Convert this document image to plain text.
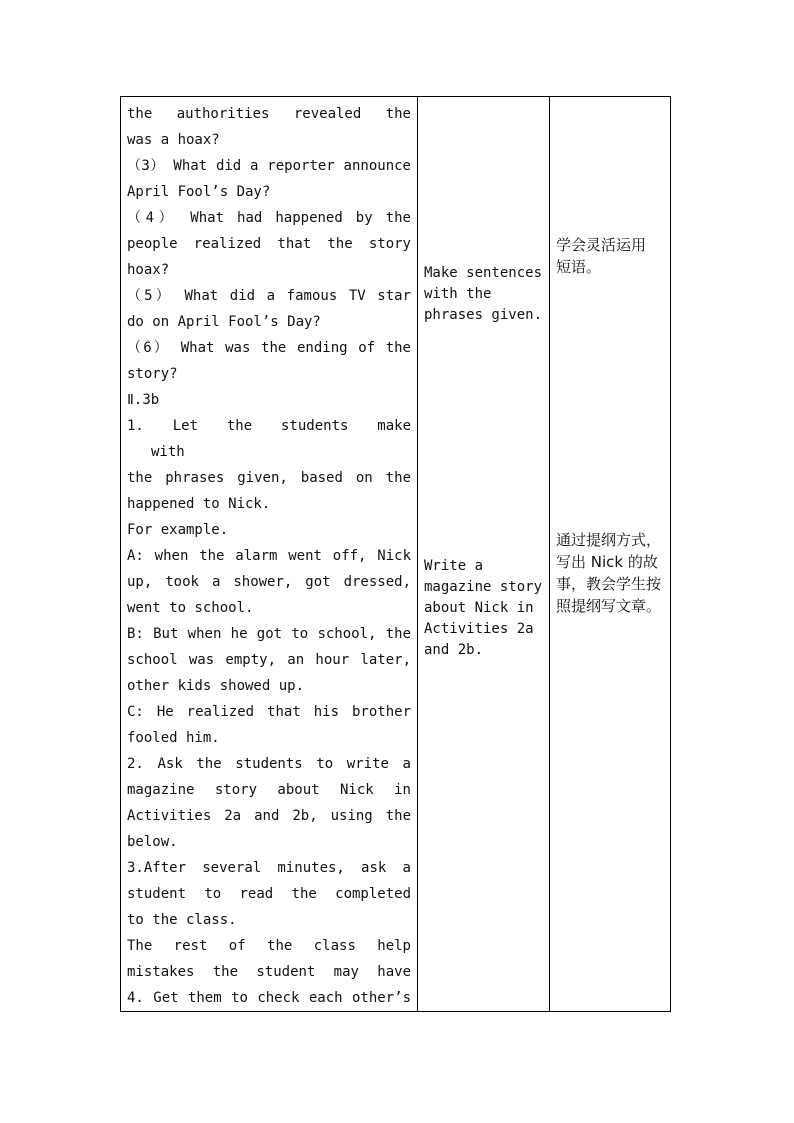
the authorities revealed the
was a hoax?
（3） What did a reporter announce
April Fool’s Day?
（4） What had happened by the
people realized that the story
hoax?
（5） What did a famous TV star
do on April Fool’s Day?
（6） What was the ending of the
story?
Ⅱ.3b
1. Let the students make
with
the phrases given, based on the
happened to Nick.
For example.
A: when the alarm went off, Nick
up, took a shower, got dressed,
went to school.
B: But when he got to school, the
school was empty, an hour later,
other kids showed up.
C: He realized that his brother
fooled him.
2. Ask the students to write a
magazine story about Nick in
Activities 2a and 2b, using the
below.
3.After several minutes, ask a
student to read the completed
to the class.
The rest of the class help
mistakes the student may have
4. Get them to check each other’s
Make sentences
with the
phrases given.
Write a
magazine story
about Nick in
Activities 2a
and 2b.
学会灵活运用
短语。
通过提纲方式，
写出 Nick 的故
事，教会学生按
照提纲写文章。
